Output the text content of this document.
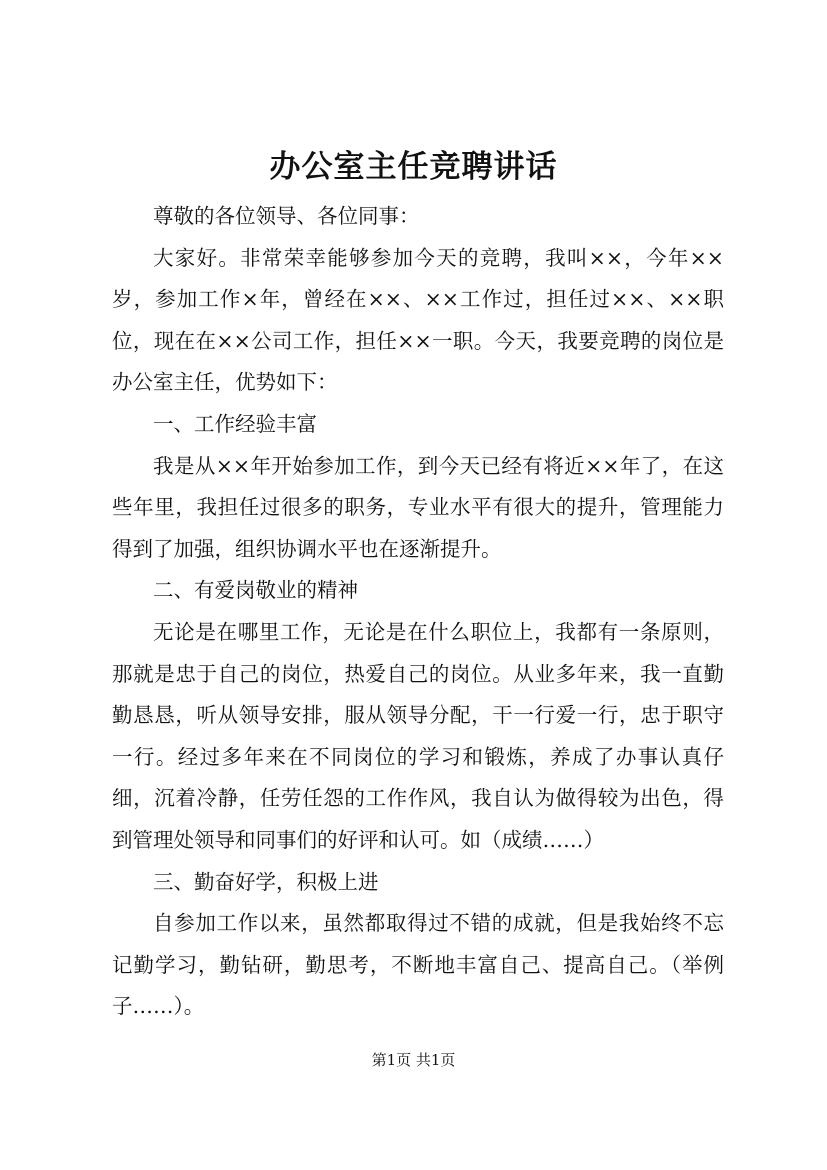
办公室主任竞聘讲话

尊敬的各位领导、各位同事：

大家好。非常荣幸能够参加今天的竞聘，我叫××，今年××岁，参加工作×年，曾经在××、××工作过，担任过××、××职位，现在在××公司工作，担任××一职。今天，我要竞聘的岗位是办公室主任，优势如下：

一、工作经验丰富

我是从××年开始参加工作，到今天已经有将近××年了，在这些年里，我担任过很多的职务，专业水平有很大的提升，管理能力得到了加强，组织协调水平也在逐渐提升。

二、有爱岗敬业的精神

无论是在哪里工作，无论是在什么职位上，我都有一条原则，那就是忠于自己的岗位，热爱自己的岗位。从业多年来，我一直勤勤恳恳，听从领导安排，服从领导分配，干一行爱一行，忠于职守一行。经过多年来在不同岗位的学习和锻炼，养成了办事认真仔细，沉着冷静，任劳任怨的工作作风，我自认为做得较为出色，得到管理处领导和同事们的好评和认可。如（成绩……）

三、勤奋好学，积极上进

自参加工作以来，虽然都取得过不错的成就，但是我始终不忘记勤学习，勤钻研，勤思考，不断地丰富自己、提高自己。（举例子……）。

第1页 共1页
